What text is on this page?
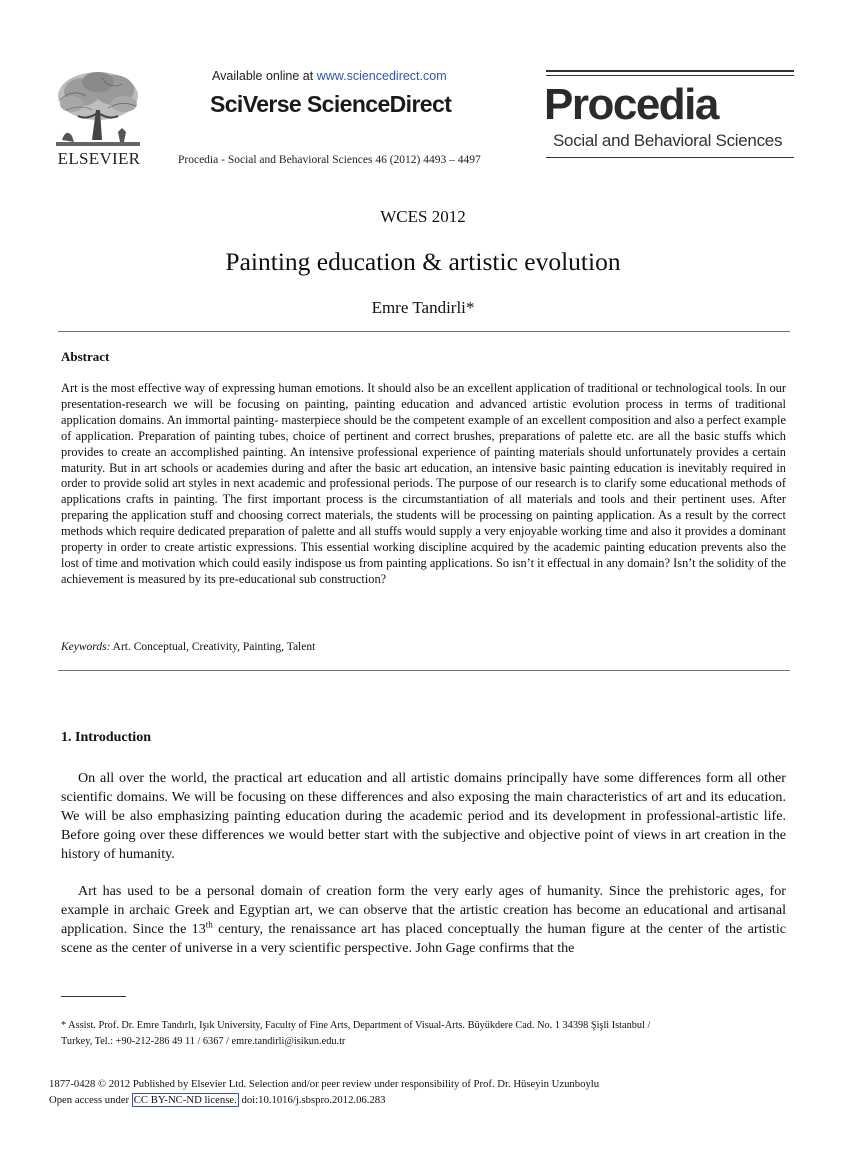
ELSEVIER
Available online at www.sciencedirect.com
SciVerse ScienceDirect
Procedia - Social and Behavioral Sciences 46 (2012) 4493 – 4497
Procedia
Social and Behavioral Sciences
WCES 2012
Painting education & artistic evolution
Emre Tandirli*
Abstract
Art is the most effective way of expressing human emotions. It should also be an excellent application of traditional or technological tools. In our presentation-research we will be focusing on painting, painting education and advanced artistic evolution process in terms of traditional application domains. An immortal painting- masterpiece should be the competent example of an excellent composition and also a perfect example of application. Preparation of painting tubes, choice of pertinent and correct brushes, preparations of palette etc. are all the basic stuffs which provides to create an accomplished painting. An intensive professional experience of painting materials should unfortunately provides a certain maturity. But in art schools or academies during and after the basic art education, an intensive basic painting education is inevitably required in order to provide solid art styles in next academic and professional periods. The purpose of our research is to clarify some educational methods of applications crafts in painting. The first important process is the circumstantiation of all materials and tools and their pertinent uses. After preparing the application stuff and choosing correct materials, the students will be processing on painting application. As a result by the correct methods which require dedicated preparation of palette and all stuffs would supply a very enjoyable working time and also it provides a dominant property in order to create artistic expressions. This essential working discipline acquired by the academic painting education prevents also the lost of time and motivation which could easily indispose us from painting applications. So isn’t it effectual in any domain? Isn’t the solidity of the achievement is measured by its pre-educational sub construction?
Keywords: Art. Conceptual, Creativity, Painting, Talent
1. Introduction
On all over the world, the practical art education and all artistic domains principally have some differences form all other scientific domains. We will be focusing on these differences and also exposing the main characteristics of art and its education. We will be also emphasizing painting education during the academic period and its development in professional-artistic life. Before going over these differences we would better start with the subjective and objective point of views in art creation in the history of humanity.
Art has used to be a personal domain of creation form the very early ages of humanity. Since the prehistoric ages, for example in archaic Greek and Egyptian art, we can observe that the artistic creation has become an educational and artisanal application. Since the 13th century, the renaissance art has placed conceptually the human figure at the center of the artistic scene as the center of universe in a very scientific perspective. John Gage confirms that the
* Assist. Prof. Dr. Emre Tandırlı, Işık University, Faculty of Fine Arts, Department of Visual-Arts. Büyükdere Cad. No. 1 34398 Şişli Istanbul /
Turkey, Tel.: +90-212-286 49 11 / 6367 / emre.tandirli@isikun.edu.tr
1877-0428 © 2012 Published by Elsevier Ltd. Selection and/or peer review under responsibility of Prof. Dr. Hüseyin Uzunboylu
Open access under CC BY-NC-ND license. doi:10.1016/j.sbspro.2012.06.283
